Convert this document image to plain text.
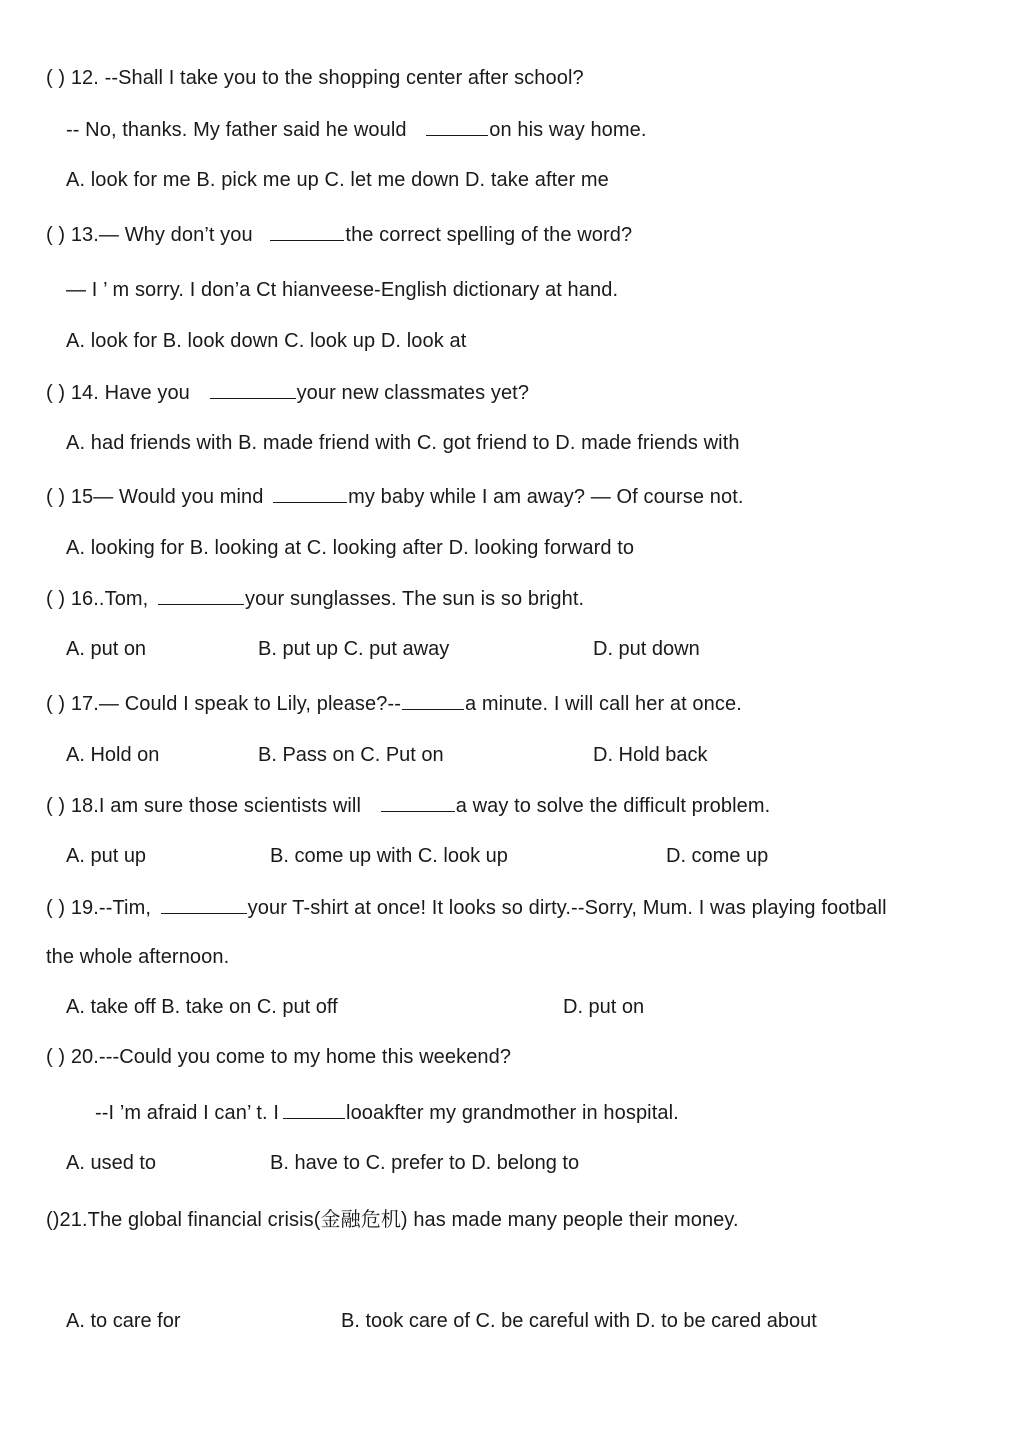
( ) 12. --Shall I take you to the shopping center after school?
-- No, thanks. My father said he would	on his way home.
A. look for me B. pick me up C. let me down D. take after me
( ) 13.— Why don’t you	the correct spelling of the word?
— I ’ m sorry. I don’a Ct hianveese-English dictionary at hand.
A. look for B. look down C. look up D. look at
( ) 14. Have you	your new classmates yet?
A. had friends with B. made friend with C. got friend to D. made friends with
( ) 15— Would you mind	my baby while I am away? — Of course not.
A. looking for B. looking at C. looking after D. looking forward to
( ) 16..Tom,	your sunglasses. The sun is so bright.
A. put on	B. put up C. put away	D. put down
( ) 17.— Could I speak to Lily, please?--	a minute. I will call her at once.
A. Hold on	B. Pass on C. Put on	D. Hold back
( ) 18.I am sure those scientists will	a way to solve the difficult problem.
A. put up	B. come up with C. look up	D. come up
( ) 19.--Tim,	your T-shirt at once! It looks so dirty.--Sorry, Mum. I was playing football
the whole afternoon.
A. take off B. take on C. put off	D. put on
( ) 20.---Could you come to my home this weekend?
--I ’m afraid I can’ t. I	looakfter my grandmother in hospital.
A. used to	B. have to C. prefer to D. belong to
()21.The global financial crisis(金融危机) has made many people their money.
A. to care for	B. took care of C. be careful with D. to be cared about
